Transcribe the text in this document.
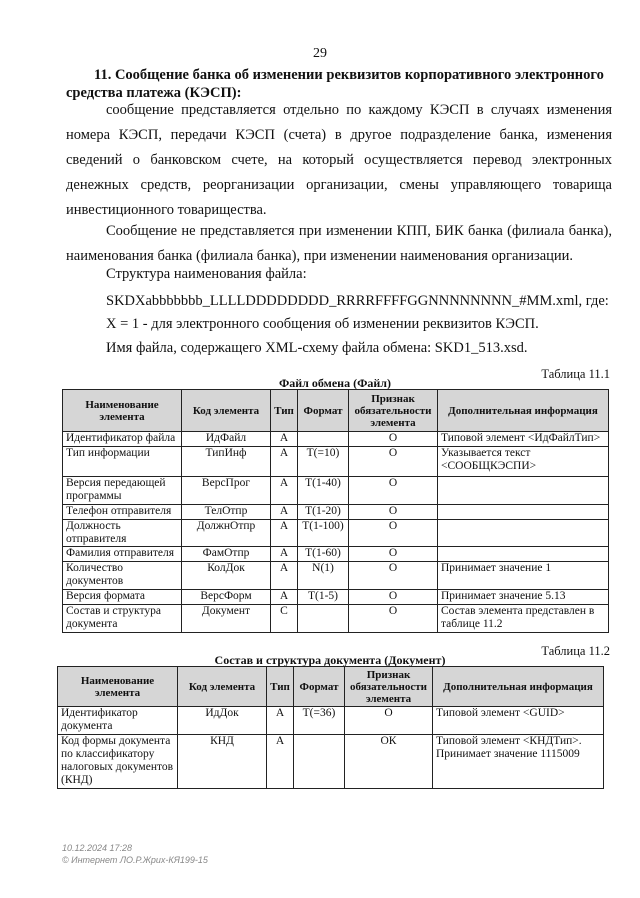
29
11. Сообщение банка об изменении реквизитов корпоративного электронного
средства платежа (КЭСП):
сообщение представляется отдельно по каждому КЭСП в случаях изменения номера КЭСП, передачи КЭСП (счета) в другое подразделение банка, изменения сведений о банковском счете, на который осуществляется перевод электронных денежных средств, реорганизации организации, смены управляющего товарища инвестиционного товарищества.
Сообщение не представляется при изменении КПП, БИК банка (филиала банка), наименования банка (филиала банка), при изменении наименования организации.
Структура наименования файла:
SKDXabbbbbbb_LLLLDDDDDDDD_RRRRFFFFGGNNNNNNNN_#MM.xml, где:
X = 1 - для электронного сообщения об изменении реквизитов КЭСП.
Имя файла, содержащего XML-схему файла обмена: SKD1_513.xsd.
Таблица 11.1
Файл обмена (Файл)
Наименование элемента	Код элемента	Тип	Формат	Признак обязательности элемента	Дополнительная информация
Идентификатор файла	ИдФайл	А		О	Типовой элемент <ИдФайлТип>
Тип информации	ТипИнф	А	T(=10)	О	Указывается текст <СООБЩКЭСПИ>
Версия передающей программы	ВерсПрог	А	T(1-40)	О	
Телефон отправителя	ТелОтпр	А	T(1-20)	О	
Должность отправителя	ДолжнОтпр	А	T(1-100)	О	
Фамилия отправителя	ФамОтпр	А	T(1-60)	О	
Количество документов	КолДок	А	N(1)	О	Принимает значение 1
Версия формата	ВерсФорм	А	T(1-5)	О	Принимает значение 5.13
Состав и структура документа	Документ	С		О	Состав элемента представлен в таблице 11.2
Таблица 11.2
Состав и структура документа (Документ)
Наименование элемента	Код элемента	Тип	Формат	Признак обязательности элемента	Дополнительная информация
Идентификатор документа	ИдДок	А	T(=36)	О	Типовой элемент <GUID>
Код формы документа по классификатору налоговых документов (КНД)	КНД	А		ОК	Типовой элемент <КНДТип>. Принимает значение 1115009
10.12.2024 17:28
© Интернет ЛО.Р.Жрих-КЯ199-15
